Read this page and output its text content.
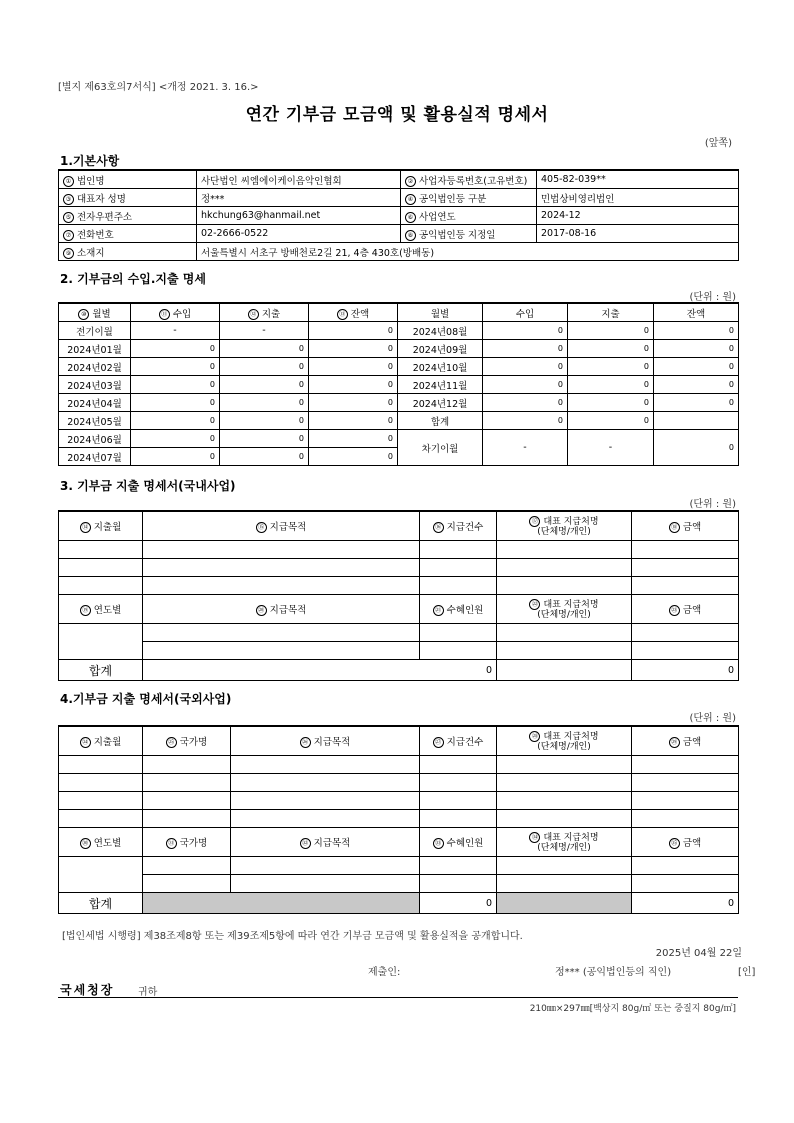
[별지 제63호의7서식] <개정 2021. 3. 16.>
연간 기부금 모금액 및 활용실적 명세서
(앞쪽)
1.기본사항
① 법인명	사단법인 씨엠에이케이음악인협회	② 사업자등록번호(고유번호)	405-82-039**
③ 대표자 성명	정***	④ 공익법인등 구분	민법상비영리법인
⑤ 전자우편주소	hkchung63@hanmail.net	⑥ 사업연도	2024-12
⑦ 전화번호	02-2666-0522	⑧ 공익법인등 지정일	2017-08-16
⑨ 소재지	서울특별시 서초구 방배천로2길 21, 4층 430호(방배동)		
2. 기부금의 수입.지출 명세
(단위 : 원)
⑩ 월별	⑪ 수입	⑫ 지출	⑬ 잔액	월별	수입	지출	잔액
전기이월	-	-	0	2024년08월	0	0	0
2024년01월	0	0	0	2024년09월	0	0	0
2024년02월	0	0	0	2024년10월	0	0	0
2024년03월	0	0	0	2024년11월	0	0	0
2024년04월	0	0	0	2024년12월	0	0	0
2024년05월	0	0	0	합계	0	0	
2024년06월	0	0	0	차기이월	-	-	0
2024년07월	0	0	0				
3. 기부금 지출 명세서(국내사업)
(단위 : 원)
⑭ 지출월	⑮ 지급목적	⑯ 지급건수	⑰ 대표 지급처명
(단체명/개인)	⑱ 금액

⑲ 연도별	⑳ 지급목적	㉑ 수혜인원	㉒ 대표 지급처명
(단체명/개인)	㉓ 금액

합계	0			0
4.기부금 지출 명세서(국외사업)
(단위 : 원)
㉔ 지출월	㉕ 국가명	㉖ 지급목적	㉗ 지급건수	㉘ 대표 지급처명
(단체명/개인)	㉙ 금액

㉚ 연도별	㉛ 국가명	㉜ 지급목적	㉝ 수혜인원	㉞ 대표 지급처명
(단체명/개인)	㉟ 금액

합계			0		0
[법인세법 시행령] 제38조제8항 또는 제39조제5항에 따라 연간 기부금 모금액 및 활용실적을 공개합니다.
2025년 04월 22일
제출인:	정*** (공익법인등의 직인)	[인]
국세청장 귀하
210㎜×297㎜[백상지 80g/㎡ 또는 중질지 80g/㎡]
